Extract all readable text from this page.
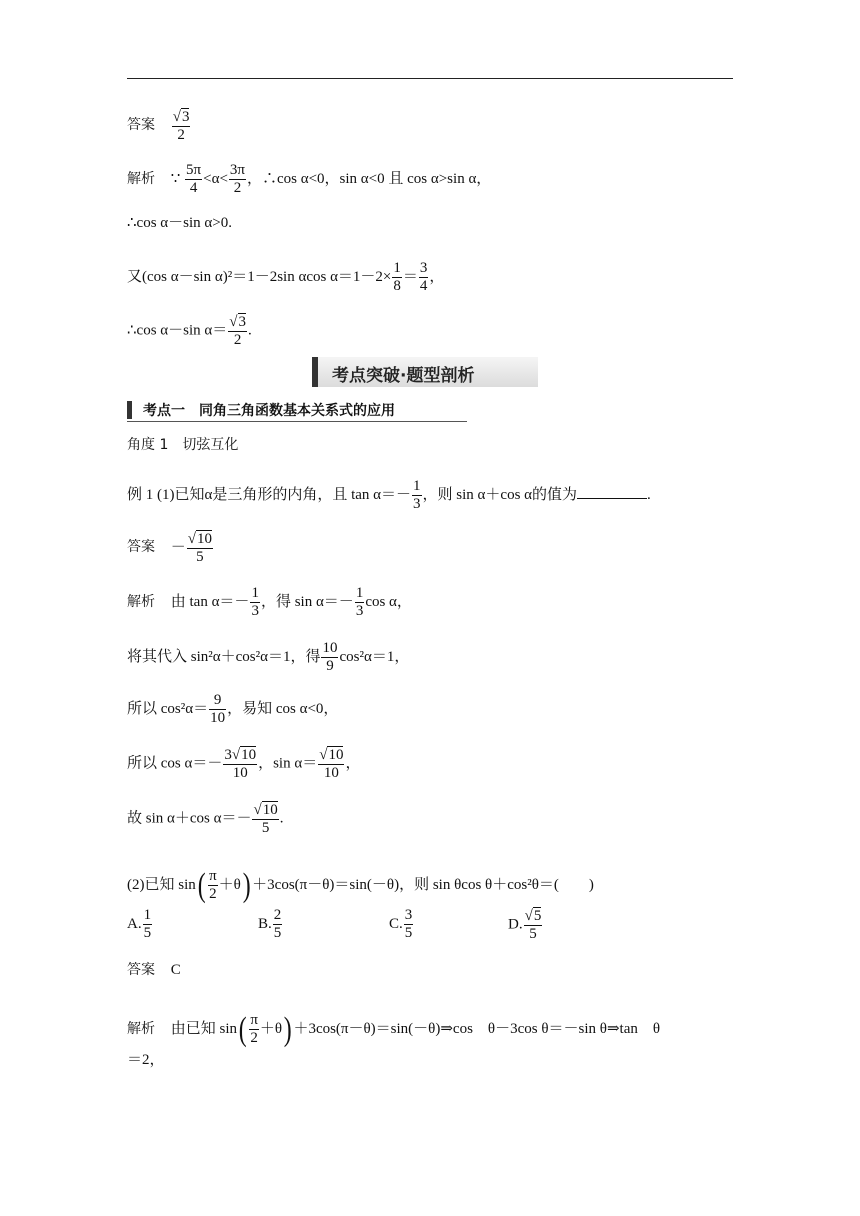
答案 $\frac{√3}{2}$
解析 ∵ $\frac{5\pi}{4} <\alpha< \frac{3\pi}{2}$ ，∴cos α<0，sin α<0 且 cos α>sin α，
∴cos α－sin α>0.
又(cos α－sin α)²＝1－2sin αcos $\alpha=1-2\times \frac{1}{8} = \frac{3}{4}$ ，
∴cos α－sin $\alpha= \frac{√3}{2}$ .
考点突破·题型剖析
考点一　同角三角函数基本关系式的应用
角度 1　切弦互化
例 1 (1)已知α是三角形的内角，且 $\tan \alpha=- \frac{1}{3}$ ，则 sin α＋cos α的值为	.
答案 － $\frac{√10}{5}$
解析 由 $\tan \alpha=- \frac{1}{3}$ ，得 $\sin \alpha=- \frac{1}{3}$ cos α，
将其代入 sin²α＋cos²α＝1，得 $\frac{10}{9} \cos^2\alpha=1$，
所以 $\cos^2\alpha= \frac{9}{10}$ ，易知 cos α<0，
所以 $\cos \alpha=- \frac{3√10}{10}$ ，$\sin \alpha= \frac{√10}{10}$ ，
故 sin α＋cos $\alpha=- \frac{√10}{5}$ .
(2)已知 $\sin( \frac{\pi}{2} +\theta) +3\cos(\pi-\theta)=\sin(-\theta)$，则 sin θcos θ＋cos²θ＝(　　)
A. $\frac{1}{5}$	B. $\frac{2}{5}$	C. $\frac{3}{5}$	D. $\frac{√5}{5}$
答案 C
解析 由已知 $\sin( \frac{\pi}{2} +\theta)$ ＋3cos(π－θ)＝sin(－θ)⇒cos　θ－3cos θ＝－sin θ⇒tan　θ
＝2，
